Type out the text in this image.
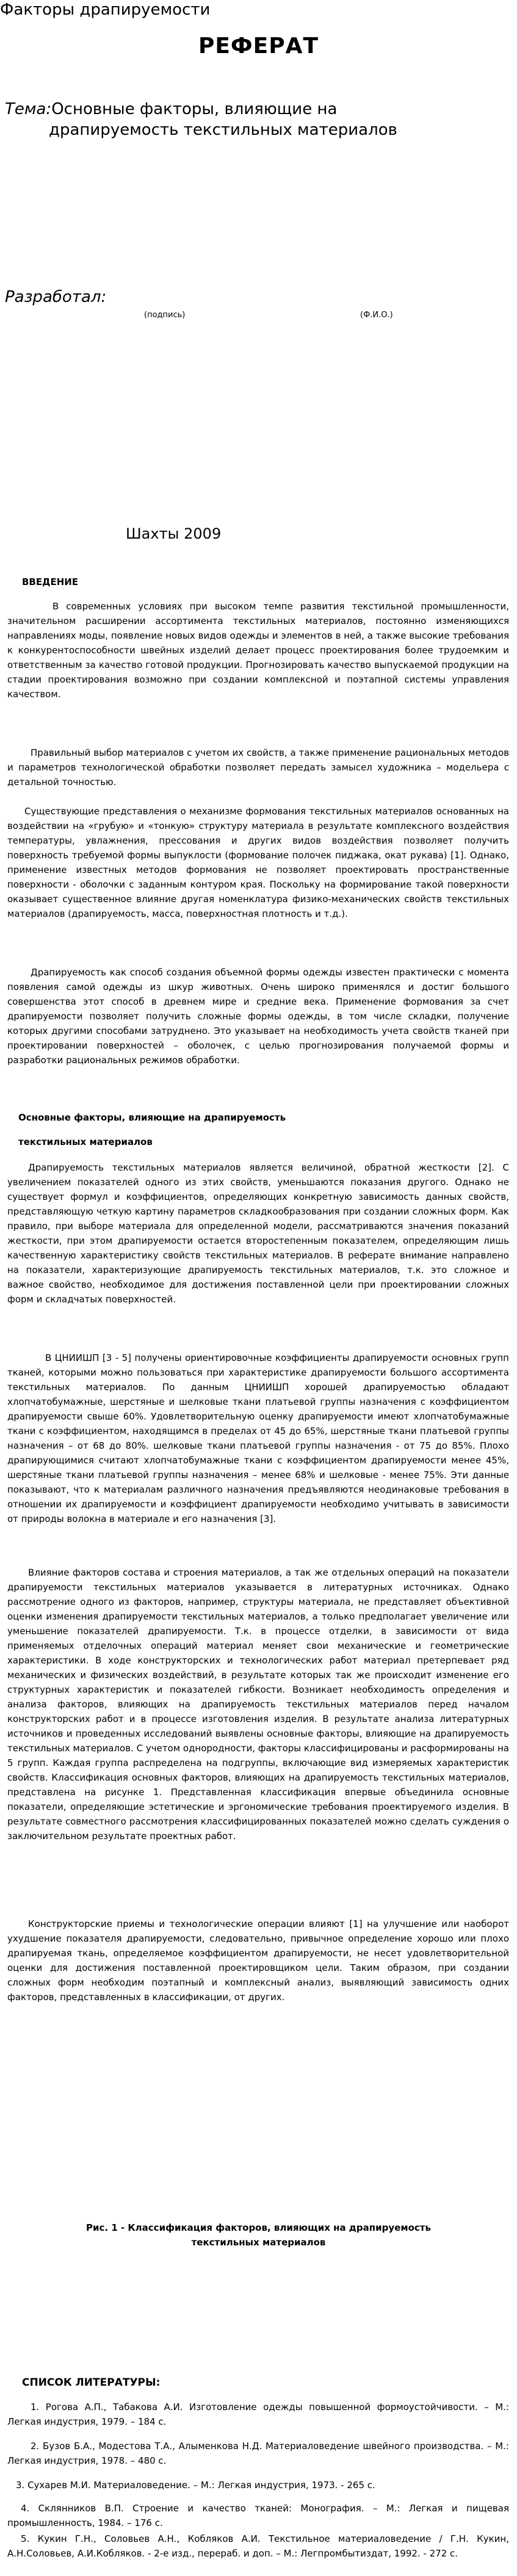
Факторы драпируемости
РЕФЕРАТ
Тема:Основные факторы, влияющие на
драпируемость текстильных материалов
Разработал:
(подпись)	(Ф.И.О.)
Шахты 2009
ВВЕДЕНИЕ
В современных условиях при высоком темпе развития текстильной промышленности, значительном расширении ассортимента текстильных материалов, постоянно изменяющихся направлениях моды, появление новых видов одежды и элементов в ней, а также высокие требования к конкурентоспособности швейных изделий делает процесс проектирования более трудоемким и ответственным за качество готовой продукции. Прогнозировать качество выпускаемой продукции на стадии проектирования возможно при создании комплексной и поэтапной системы управления качеством.
Правильный выбор материалов с учетом их свойств, а также применение рациональных методов и параметров технологической обработки позволяет передать замысел художника – модельера с детальной точностью.
Существующие представления о механизме формования текстильных материалов основанных на воздействии на «грубую» и «тонкую» структуру материала в результате комплексного воздействия температуры, увлажнения, прессования и других видов воздействия позволяет получить поверхность требуемой формы выпуклости (формование полочек пиджака, окат рукава) [1]. Однако, применение известных методов формования не позволяет проектировать пространственные поверхности - оболочки с заданным контуром края. Поскольку на формирование такой поверхности оказывает существенное влияние другая номенклатура физико-механических свойств текстильных материалов (драпируемость, масса, поверхностная плотность и т.д.).
Драпируемость как способ создания объемной формы одежды известен практически с момента появления самой одежды из шкур животных. Очень широко применялся и достиг большого совершенства этот способ в древнем мире и средние века. Применение формования за счет драпируемости позволяет получить сложные формы одежды, в том числе складки, получение которых другими способами затруднено. Это указывает на необходимость учета свойств тканей при проектировании поверхностей – оболочек, с целью прогнозирования получаемой формы и разработки рациональных режимов обработки.
Основные факторы, влияющие на драпируемость
текстильных материалов
Драпируемость текстильных материалов является величиной, обратной жесткости [2]. С увеличением показателей одного из этих свойств, уменьшаются показания другого. Однако не существует формул и коэффициентов, определяющих конкретную зависимость данных свойств, представляющую четкую картину параметров складкообразования при создании сложных форм. Как правило, при выборе материала для определенной модели, рассматриваются значения показаний жесткости, при этом драпируемости остается второстепенным показателем, определяющим лишь качественную характеристику свойств текстильных материалов. В реферате внимание направлено на показатели, характеризующие драпируемость текстильных материалов, т.к. это сложное и важное свойство, необходимое для достижения поставленной цели при проектировании сложных форм и складчатых поверхностей.
В ЦНИИШП [3 - 5] получены ориентировочные коэффициенты драпируемости основных групп тканей, которыми можно пользоваться при характеристике драпируемости большого ассортимента текстильных материалов. По данным ЦНИИШП хорошей драпируемостью обладают хлопчатобумажные, шерстяные и шелковые ткани платьевой группы назначения с коэффициентом драпируемости свыше 60%. Удовлетворительную оценку драпируемости имеют хлопчатобумажные ткани с коэффициентом, находящимся в пределах от 45 до 65%, шерстяные ткани платьевой группы назначения – от 68 до 80%. шелковые ткани платьевой группы назначения - от 75 до 85%. Плохо драпирующимися считают хлопчатобумажные ткани с коэффициентом драпируемости менее 45%, шерстяные ткани платьевой группы назначения – менее 68% и шелковые - менее 75%. Эти данные показывают, что к материалам различного назначения предъявляются неодинаковые требования в отношении их драпируемости и коэффициент драпируемости необходимо учитывать в зависимости от природы волокна в материале и его назначения [3].
Влияние факторов состава и строения материалов, а так же отдельных операций на показатели драпируемости текстильных материалов указывается в литературных источниках. Однако рассмотрение одного из факторов, например, структуры материала, не представляет объективной оценки изменения драпируемости текстильных материалов, а только предполагает увеличение или уменьшение показателей драпируемости. Т.к. в процессе отделки, в зависимости от вида применяемых отделочных операций материал меняет свои механические и геометрические характеристики. В ходе конструкторских и технологических работ материал претерпевает ряд механических и физических воздействий, в результате которых так же происходит изменение его структурных характеристик и показателей гибкости. Возникает необходимость определения и анализа факторов, влияющих на драпируемость текстильных материалов перед началом конструкторских работ и в процессе изготовления изделия. В результате анализа литературных источников и проведенных исследований выявлены основные факторы, влияющие на драпируемость текстильных материалов. С учетом однородности, факторы классифицированы и расформированы на 5 групп. Каждая группа распределена на подгруппы, включающие вид измеряемых характеристик свойств. Классификация основных факторов, влияющих на драпируемость текстильных материалов, представлена на рисунке 1. Представленная классификация впервые объединила основные показатели, определяющие эстетические и эргономические требования проектируемого изделия. В результате совместного рассмотрения классифицированных показателей можно сделать суждения о заключительном результате проектных работ.
Конструкторские приемы и технологические операции влияют [1] на улучшение или наоборот ухудшение показателя драпируемости, следовательно, привычное определение хорошо или плохо драпируемая ткань, определяемое коэффициентом драпируемости, не несет удовлетворительной оценки для достижения поставленной проектировщиком цели. Таким образом, при создании сложных форм необходим поэтапный и комплексный анализ, выявляющий зависимость одних факторов, представленных в классификации, от других.
Рис. 1 - Классификация факторов, влияющих на драпируемость
текстильных материалов
СПИСОК ЛИТЕРАТУРЫ:
1. Рогова А.П., Табакова А.И. Изготовление одежды повышенной формоустойчивости. – М.: Легкая индустрия, 1979. – 184 с.
2. Бузов Б.А., Модестова Т.А., Алыменкова Н.Д. Материаловедение швейного производства. – М.: Легкая индустрия, 1978. – 480 с.
3. Сухарев М.И. Материаловедение. – М.: Легкая индустрия, 1973. - 265 с.
4. Склянников В.П. Строение и качество тканей: Монография. – М.: Легкая и пищевая промышленность, 1984. – 176 с.
5. Кукин Г.Н., Соловьев А.Н., Кобляков А.И. Текстильное материаловедение / Г.Н. Кукин, А.Н.Соловьев, А.И.Кобляков. - 2-е изд., перераб. и доп. – М.: Легпромбытиздат, 1992. - 272 с.
